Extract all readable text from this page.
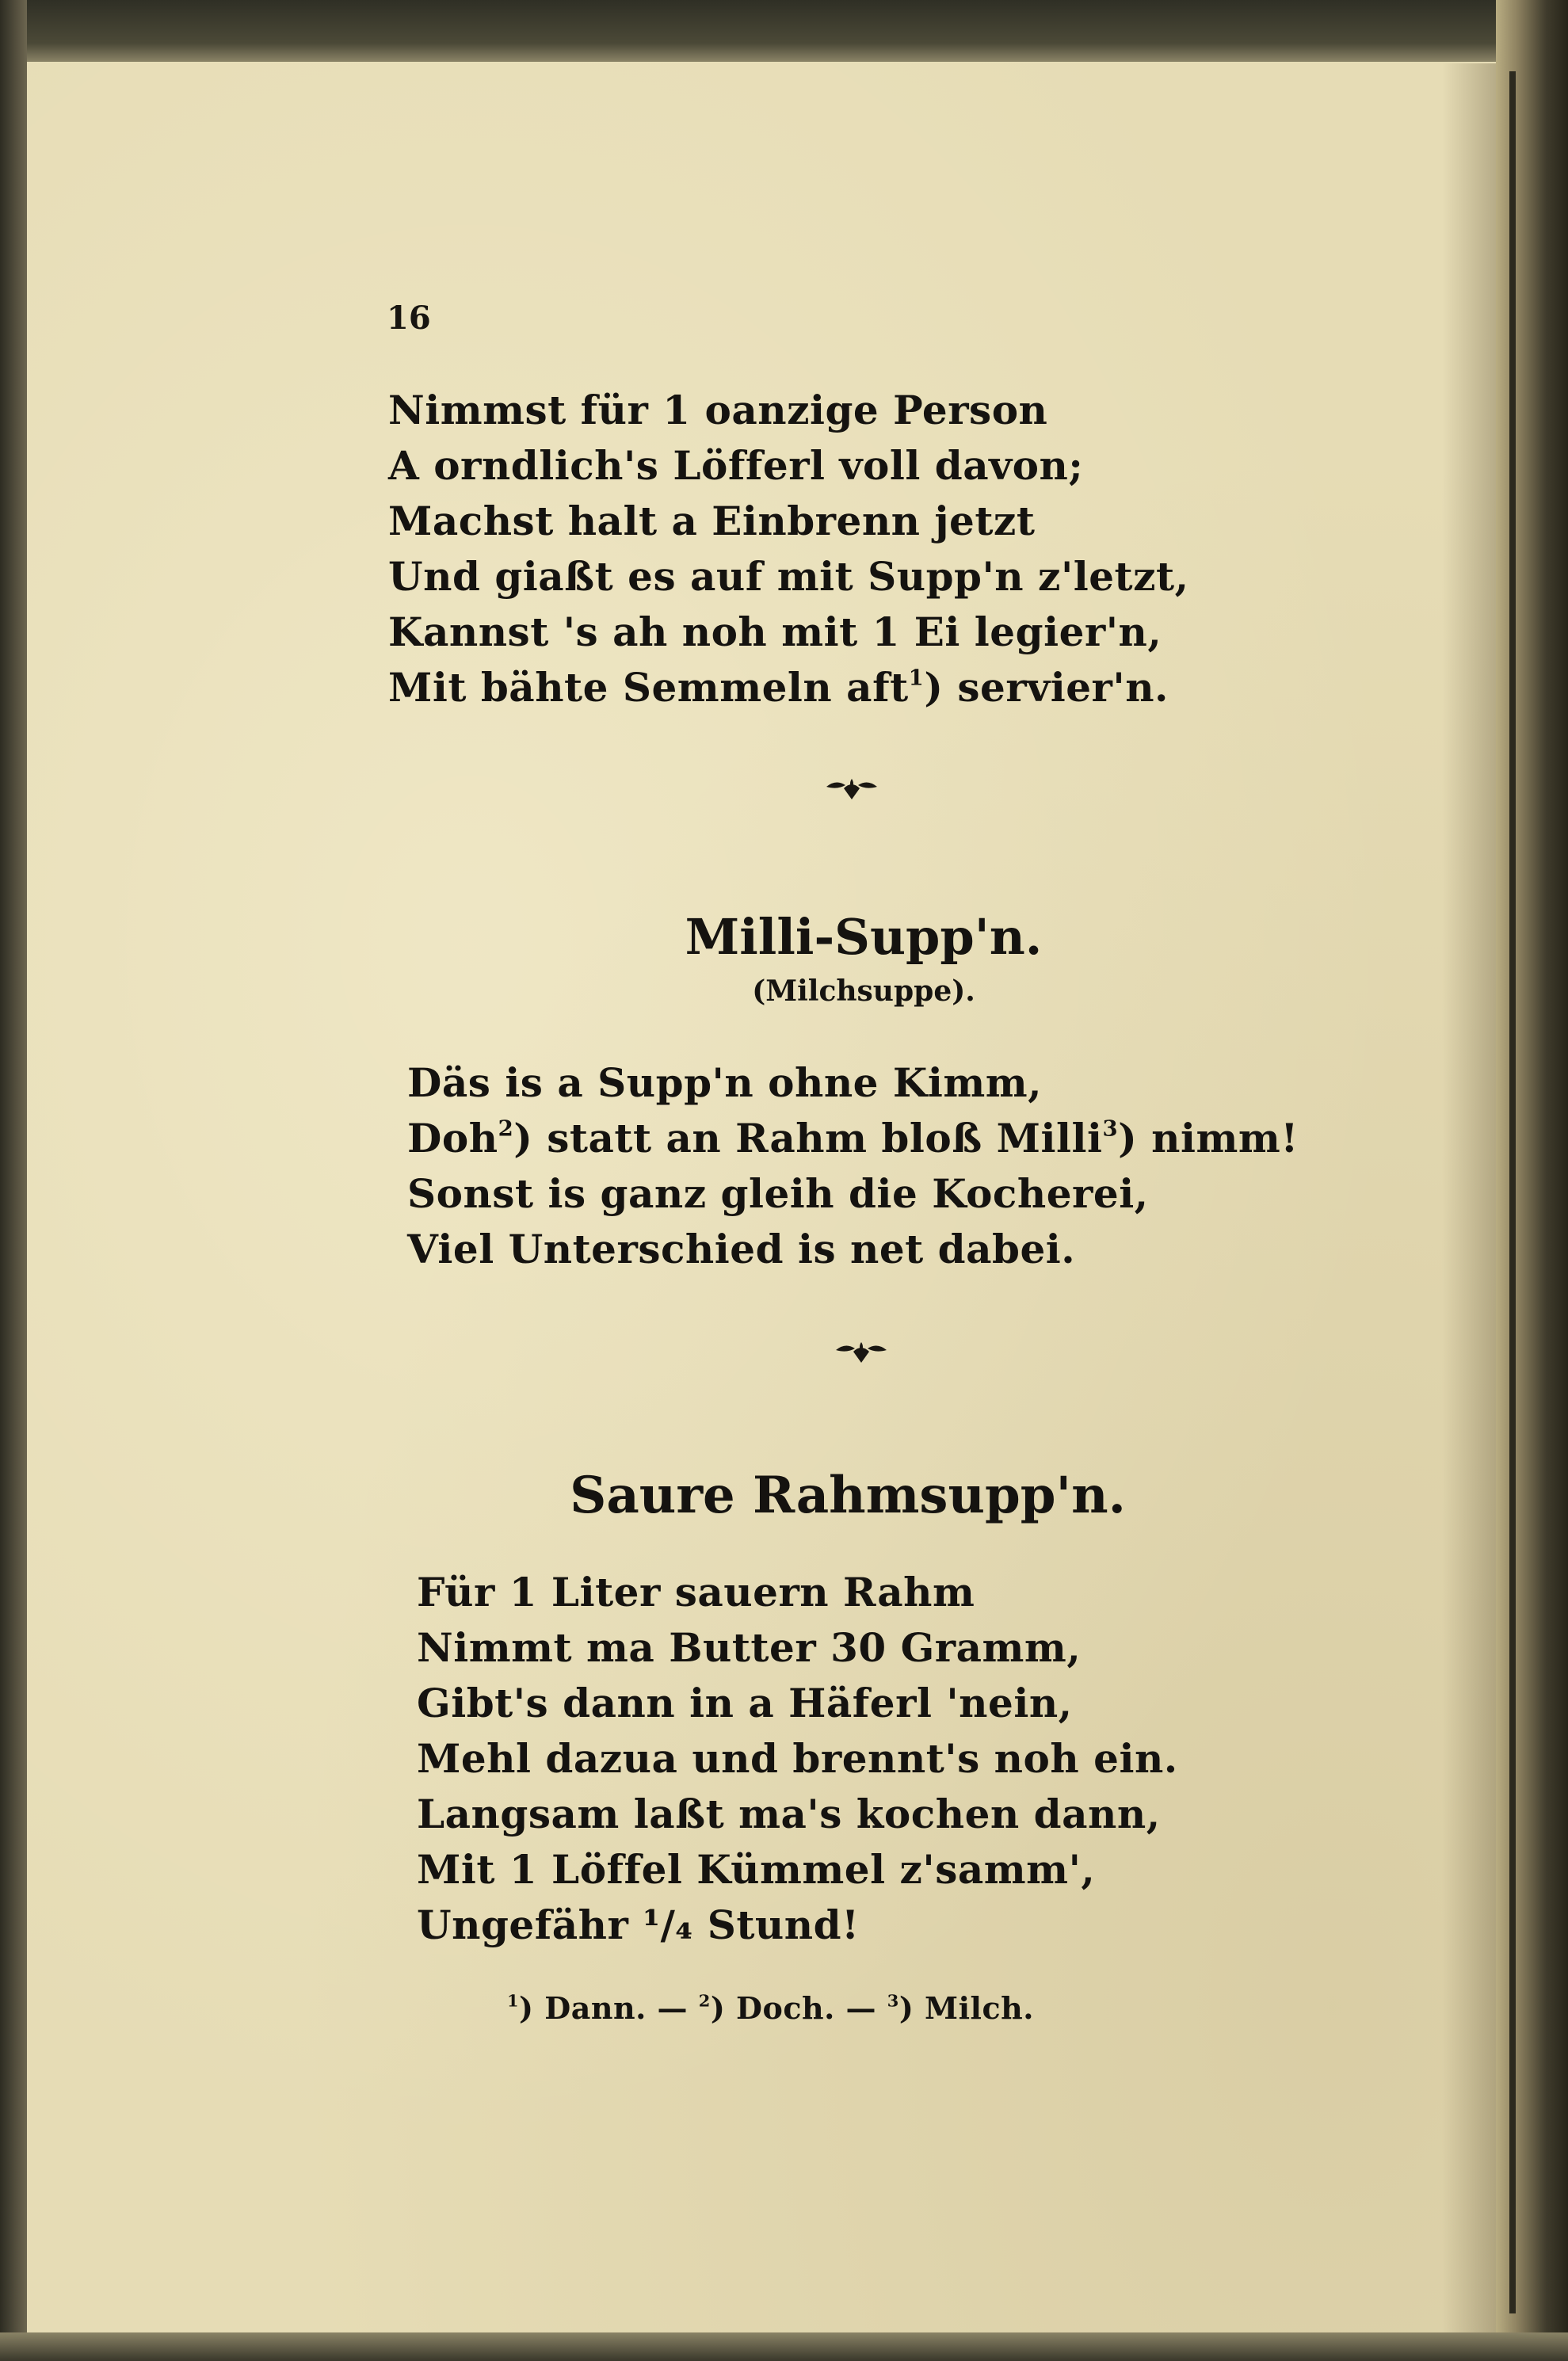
16
Nimmst für 1 oanzige Person
A orndlich's Löfferl voll davon;
Machst halt a Einbrenn jetzt
Und giaßt es auf mit Supp'n z'letzt,
Kannst 's ah noh mit 1 Ei legier'n,
Mit bähte Semmeln aft$^1$) servier'n.
Milli-Supp'n.
(Milchsuppe).
Däs is a Supp'n ohne Kimm,
Doh$^2$) statt an Rahm bloß Milli$^3$) nimm!
Sonst is ganz gleih die Kocherei,
Viel Unterschied is net dabei.
Saure Rahmsupp'n.
Für 1 Liter sauern Rahm
Nimmt ma Butter 30 Gramm,
Gibt's dann in a Häferl 'nein,
Mehl dazua und brennt's noh ein.
Langsam laßt ma's kochen dann,
Mit 1 Löffel Kümmel z'samm',
Ungefähr ¹/₄ Stund!
$^1$) Dann. — $^2$) Doch. — $^3$) Milch.
